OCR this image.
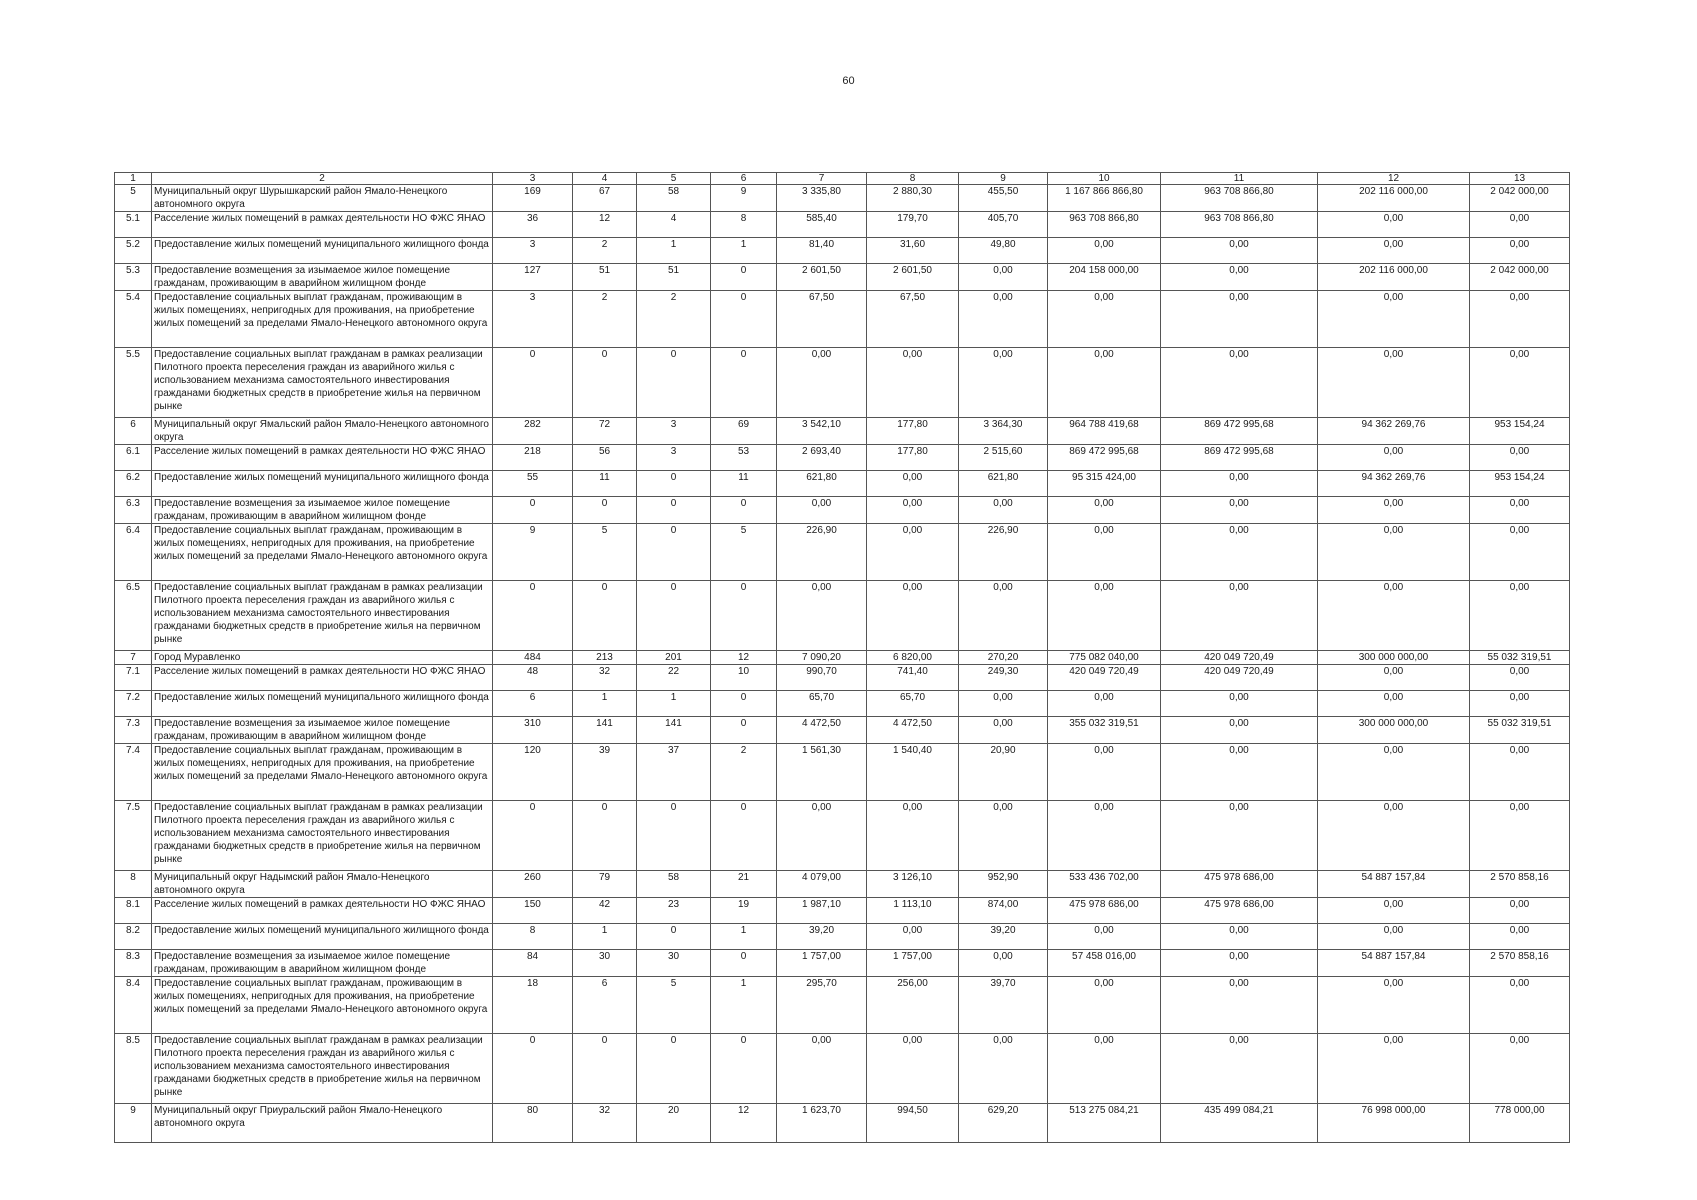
60
1	2	3	4	5	6	7	8	9	10	11	12	13
5	Муниципальный округ Шурышкарский район Ямало-Ненецкого автономного округа	169	67	58	9	3 335,80	2 880,30	455,50	1 167 866 866,80	963 708 866,80	202 116 000,00	2 042 000,00
5.1	Расселение жилых помещений в рамках деятельности НО ФЖС ЯНАО	36	12	4	8	585,40	179,70	405,70	963 708 866,80	963 708 866,80	0,00	0,00
5.2	Предоставление жилых помещений муниципального жилищного фонда	3	2	1	1	81,40	31,60	49,80	0,00	0,00	0,00	0,00
5.3	Предоставление возмещения за изымаемое жилое помещение гражданам, проживающим в аварийном жилищном фонде	127	51	51	0	2 601,50	2 601,50	0,00	204 158 000,00	0,00	202 116 000,00	2 042 000,00
5.4	Предоставление социальных выплат гражданам, проживающим в жилых помещениях, непригодных для проживания, на приобретение жилых помещений за пределами Ямало-Ненецкого автономного округа	3	2	2	0	67,50	67,50	0,00	0,00	0,00	0,00	0,00
5.5	Предоставление социальных выплат гражданам в рамках реализации Пилотного проекта переселения граждан из аварийного жилья с использованием механизма самостоятельного инвестирования гражданами бюджетных средств в приобретение жилья на первичном рынке	0	0	0	0	0,00	0,00	0,00	0,00	0,00	0,00	0,00
6	Муниципальный округ Ямальский район Ямало-Ненецкого автономного округа	282	72	3	69	3 542,10	177,80	3 364,30	964 788 419,68	869 472 995,68	94 362 269,76	953 154,24
6.1	Расселение жилых помещений в рамках деятельности НО ФЖС ЯНАО	218	56	3	53	2 693,40	177,80	2 515,60	869 472 995,68	869 472 995,68	0,00	0,00
6.2	Предоставление жилых помещений муниципального жилищного фонда	55	11	0	11	621,80	0,00	621,80	95 315 424,00	0,00	94 362 269,76	953 154,24
6.3	Предоставление возмещения за изымаемое жилое помещение гражданам, проживающим в аварийном жилищном фонде	0	0	0	0	0,00	0,00	0,00	0,00	0,00	0,00	0,00
6.4	Предоставление социальных выплат гражданам, проживающим в жилых помещениях, непригодных для проживания, на приобретение жилых помещений за пределами Ямало-Ненецкого автономного округа	9	5	0	5	226,90	0,00	226,90	0,00	0,00	0,00	0,00
6.5	Предоставление социальных выплат гражданам в рамках реализации Пилотного проекта переселения граждан из аварийного жилья с использованием механизма самостоятельного инвестирования гражданами бюджетных средств в приобретение жилья на первичном рынке	0	0	0	0	0,00	0,00	0,00	0,00	0,00	0,00	0,00
7	Город Муравленко	484	213	201	12	7 090,20	6 820,00	270,20	775 082 040,00	420 049 720,49	300 000 000,00	55 032 319,51
7.1	Расселение жилых помещений в рамках деятельности НО ФЖС ЯНАО	48	32	22	10	990,70	741,40	249,30	420 049 720,49	420 049 720,49	0,00	0,00
7.2	Предоставление жилых помещений муниципального жилищного фонда	6	1	1	0	65,70	65,70	0,00	0,00	0,00	0,00	0,00
7.3	Предоставление возмещения за изымаемое жилое помещение гражданам, проживающим в аварийном жилищном фонде	310	141	141	0	4 472,50	4 472,50	0,00	355 032 319,51	0,00	300 000 000,00	55 032 319,51
7.4	Предоставление социальных выплат гражданам, проживающим в жилых помещениях, непригодных для проживания, на приобретение жилых помещений за пределами Ямало-Ненецкого автономного округа	120	39	37	2	1 561,30	1 540,40	20,90	0,00	0,00	0,00	0,00
7.5	Предоставление социальных выплат гражданам в рамках реализации Пилотного проекта переселения граждан из аварийного жилья с использованием механизма самостоятельного инвестирования гражданами бюджетных средств в приобретение жилья на первичном рынке	0	0	0	0	0,00	0,00	0,00	0,00	0,00	0,00	0,00
8	Муниципальный округ Надымский район Ямало-Ненецкого автономного округа	260	79	58	21	4 079,00	3 126,10	952,90	533 436 702,00	475 978 686,00	54 887 157,84	2 570 858,16
8.1	Расселение жилых помещений в рамках деятельности НО ФЖС ЯНАО	150	42	23	19	1 987,10	1 113,10	874,00	475 978 686,00	475 978 686,00	0,00	0,00
8.2	Предоставление жилых помещений муниципального жилищного фонда	8	1	0	1	39,20	0,00	39,20	0,00	0,00	0,00	0,00
8.3	Предоставление возмещения за изымаемое жилое помещение гражданам, проживающим в аварийном жилищном фонде	84	30	30	0	1 757,00	1 757,00	0,00	57 458 016,00	0,00	54 887 157,84	2 570 858,16
8.4	Предоставление социальных выплат гражданам, проживающим в жилых помещениях, непригодных для проживания, на приобретение жилых помещений за пределами Ямало-Ненецкого автономного округа	18	6	5	1	295,70	256,00	39,70	0,00	0,00	0,00	0,00
8.5	Предоставление социальных выплат гражданам в рамках реализации Пилотного проекта переселения граждан из аварийного жилья с использованием механизма самостоятельного инвестирования гражданами бюджетных средств в приобретение жилья на первичном рынке	0	0	0	0	0,00	0,00	0,00	0,00	0,00	0,00	0,00
9	Муниципальный округ Приуральский район Ямало-Ненецкого автономного округа	80	32	20	12	1 623,70	994,50	629,20	513 275 084,21	435 499 084,21	76 998 000,00	778 000,00
